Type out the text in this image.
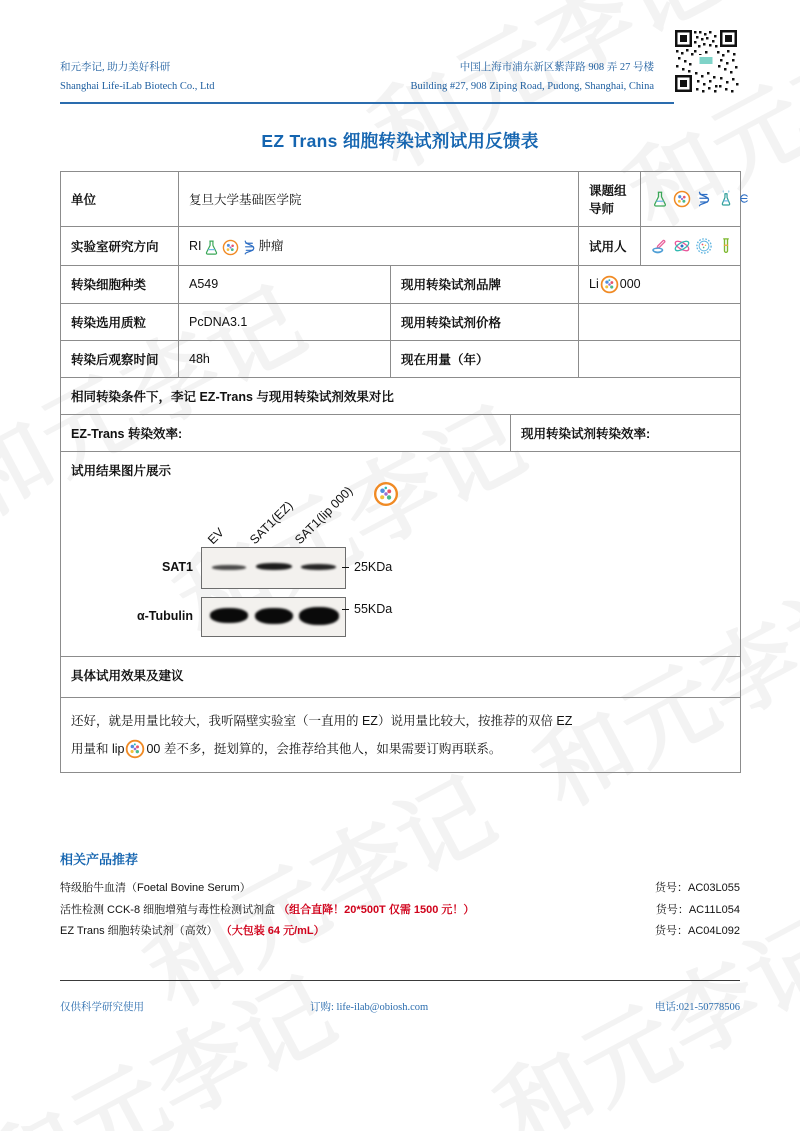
和元李记, 助力美好科研
Shanghai Life-iLab Biotech Co., Ltd
中国上海市浦东新区紫萍路 908 弄 27 号楼
Building #27, 908 Ziping Road, Pudong, Shanghai, China
EZ Trans 细胞转染试剂试用反馈表
单位	复旦大学基础医学院			课题组导师	

实验室研究方向	RI 肿瘤			试用人	

转染细胞种类	A549	现用转染试剂品牌		Li 000	
转染选用质粒	PcDNA3.1	现用转染试剂价格			
转染后观察时间	48h	现在用量（年）			
相同转染条件下，李记 EZ-Trans 与现用转染试剂效果对比					
EZ-Trans 转染效率:			现用转染试剂转染效率:		

试用结果图片展示
SAT1
α-Tubulin
EV SAT1(EZ)
SAT1(lip 000)
25KDa
55KDa

具体试用效果及建议					

还好，就是用量比较大，我听隔壁实验室（一直用的 EZ）说用量比较大，按推荐的双倍 EZ
用量和 lip 00 差不多，挺划算的，会推荐给其他人，如果需要订购再联系。					
相关产品推荐
特级胎牛血清（Foetal Bovine Serum）	货号：AC03L055
活性检测 CCK-8 细胞增殖与毒性检测试剂盒 （组合直降！20*500T 仅需 1500 元！）	货号：AC11L054
EZ Trans 细胞转染试剂（高效） （大包装 64 元/mL）	货号：AC04L092
仅供科学研究使用	订购: life-ilab@obiosh.com	电话:021-50778506
